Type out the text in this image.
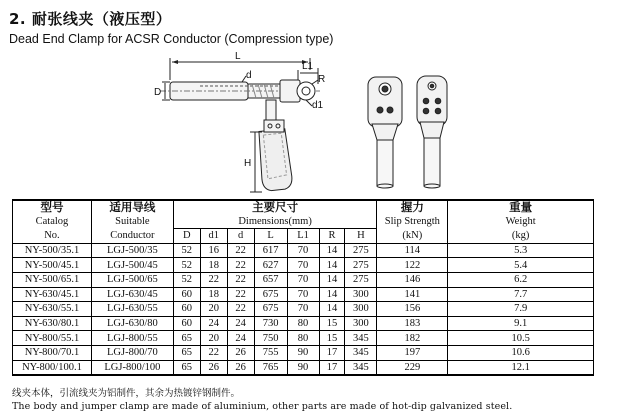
2. 耐张线夹（液压型）
Dead End Clamp for ACSR Conductor (Compression type)
L
L1
D
d	R
d1
H
型号	适用导线	主要尺寸							握力	重量
Catalog	Suitable	Dimensions(mm)							Slip Strength	Weight
No.	Conductor	D	d1	d	L	L1	R	H	(kN)	(kg)
NY-500/35.1	LGJ-500/35	52	16	22	617	70	14	275	114	5.3
NY-500/45.1	LGJ-500/45	52	18	22	627	70	14	275	122	5.4
NY-500/65.1	LGJ-500/65	52	22	22	657	70	14	275	146	6.2
NY-630/45.1	LGJ-630/45	60	18	22	675	70	14	300	141	7.7
NY-630/55.1	LGJ-630/55	60	20	22	675	70	14	300	156	7.9
NY-630/80.1	LGJ-630/80	60	24	24	730	80	15	300	183	9.1
NY-800/55.1	LGJ-800/55	65	20	24	750	80	15	345	182	10.5
NY-800/70.1	LGJ-800/70	65	22	26	755	90	17	345	197	10.6
NY-800/100.1	LGJ-800/100	65	26	26	765	90	17	345	229	12.1
线夹本体，引流线夹为铝制件，其余为热镀锌钢制件。
The body and jumper clamp are made of aluminium, other parts are made of hot-dip galvanized steel.
